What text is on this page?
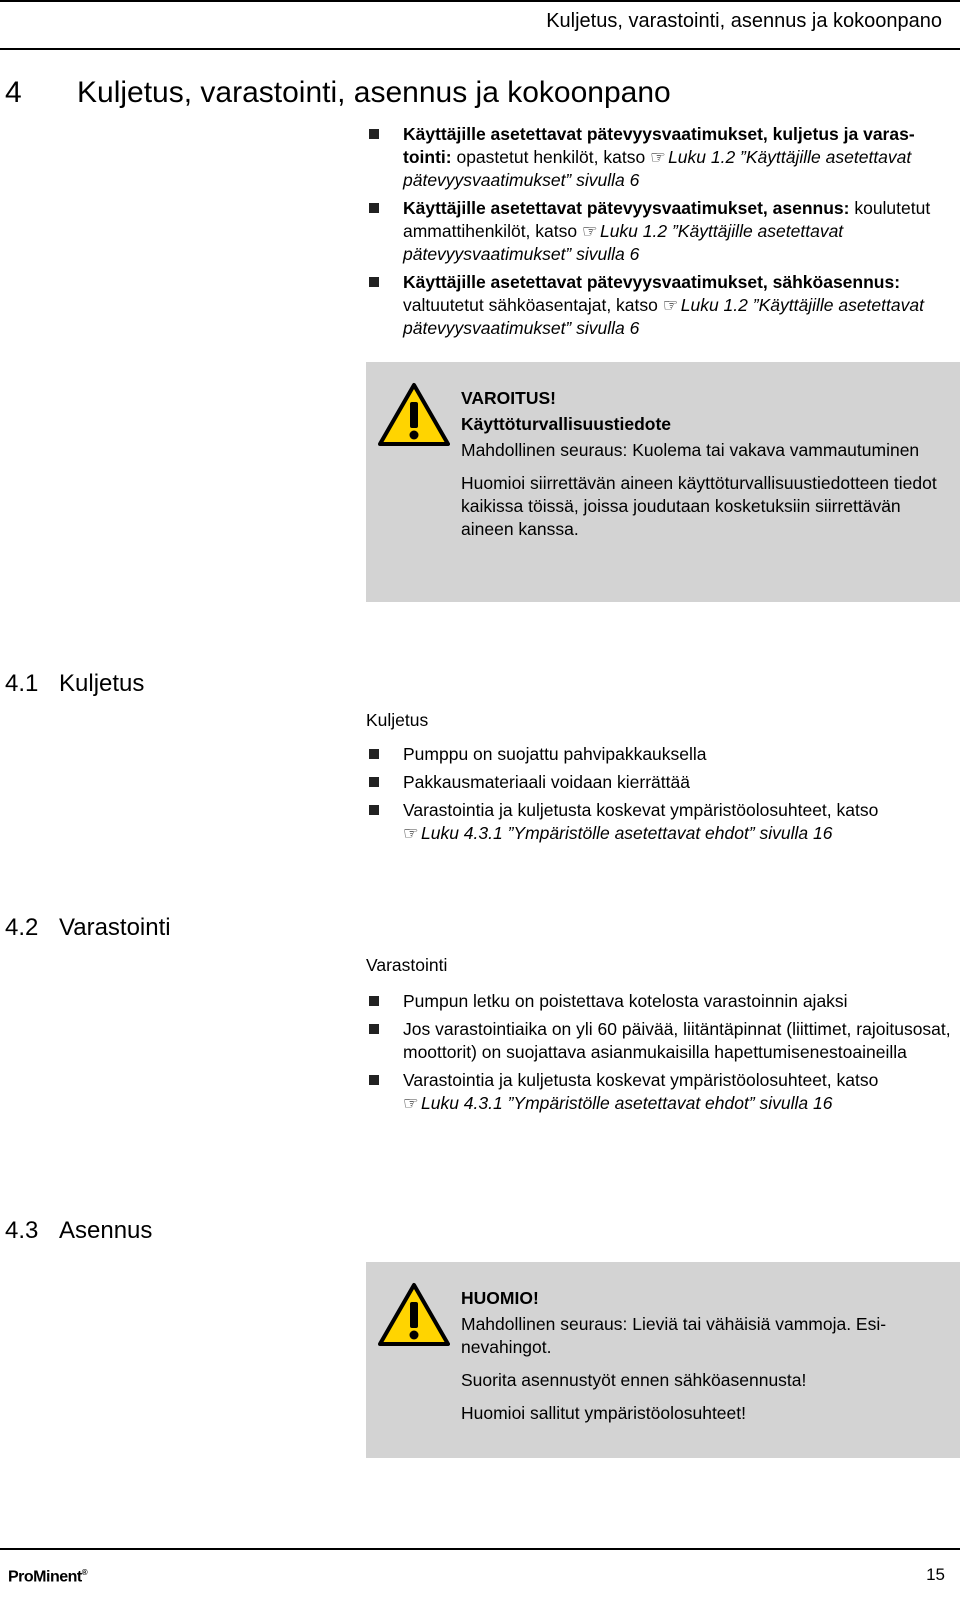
Kuljetus, varastointi, asennus ja kokoonpano
4 Kuljetus, varastointi, asennus ja kokoonpano
Käyttäjille asetettavat pätevyysvaatimukset, kuljetus ja varastointi: opastetut henkilöt, katso ☞ Luku 1.2 ”Käyttäjille asetettavat pätevyysvaatimukset” sivulla 6
Käyttäjille asetettavat pätevyysvaatimukset, asennus: koulutetut ammattihenkilöt, katso ☞ Luku 1.2 ”Käyttäjille asetettavat pätevyysvaatimukset” sivulla 6
Käyttäjille asetettavat pätevyysvaatimukset, sähköasennus: valtuutetut sähköasentajat, katso ☞ Luku 1.2 ”Käyttäjille asetettavat pätevyysvaatimukset” sivulla 6

VAROITUS!

Käyttöturvallisuustiedote

Mahdollinen seuraus: Kuolema tai vakava vammautuminen

Huomioi siirrettävän aineen käyttöturvallisuustiedotteen tiedot kaikissa töissä, joissa joudutaan kosketuksiin siirrettävän aineen kanssa.

4.1 Kuljetus
Kuljetus
Pumppu on suojattu pahvipakkauksella
Pakkausmateriaali voidaan kierrättää
Varastointia ja kuljetusta koskevat ympäristöolosuhteet, katso
☞ Luku 4.3.1 ”Ympäristölle asetettavat ehdot” sivulla 16
4.2 Varastointi
Varastointi
Pumpun letku on poistettava kotelosta varastoinnin ajaksi
Jos varastointiaika on yli 60 päivää, liitäntäpinnat (liittimet, rajoitusosat, moottorit) on suojattava asianmukaisilla hapettumisenestoaineilla
Varastointia ja kuljetusta koskevat ympäristöolosuhteet, katso
☞ Luku 4.3.1 ”Ympäristölle asetettavat ehdot” sivulla 16
4.3 Asennus

HUOMIO!

Mahdollinen seuraus: Lieviä tai vähäisiä vammoja. Esinevahingot.

Suorita asennustyöt ennen sähköasennusta!

Huomioi sallitut ympäristöolosuhteet!

ProMinent®	15
